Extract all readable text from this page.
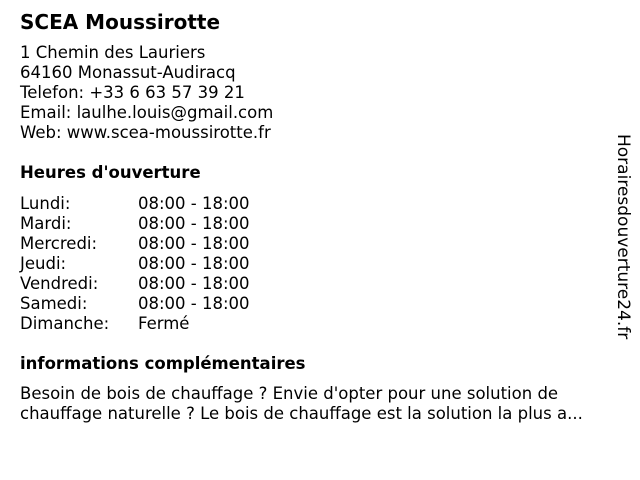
SCEA Moussirotte
1 Chemin des Lauriers
64160 Monassut-Audiracq
Telefon: +33 6 63 57 39 21
Email: laulhe.louis@gmail.com
Web: www.scea-moussirotte.fr
Heures d'ouverture
Lundi:	08:00 - 18:00
Mardi:	08:00 - 18:00
Mercredi: 08:00 - 18:00
Jeudi:	08:00 - 18:00
Vendredi: 08:00 - 18:00
Samedi:	08:00 - 18:00
Dimanche: Fermé
informations complémentaires
Besoin de bois de chauffage ? Envie d'opter pour une solution de
chauffage naturelle ? Le bois de chauffage est la solution la plus a...
Horairesdouverture24.fr
